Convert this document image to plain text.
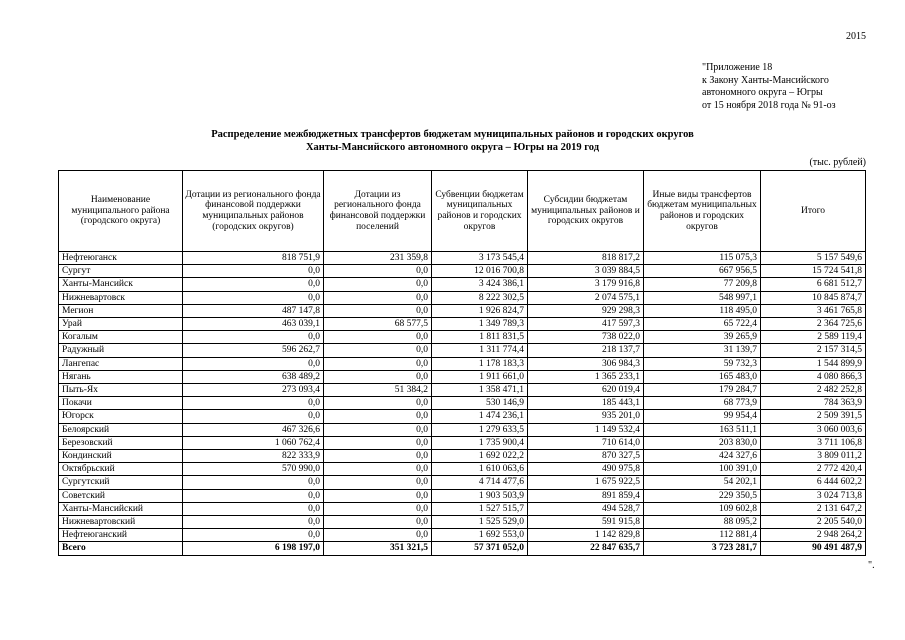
2015
"Приложение 18
к Закону Ханты-Мансийского
автономного округа – Югры
от 15 ноября 2018 года № 91-оз
Распределение межбюджетных трансфертов бюджетам муниципальных районов и городских округов
Ханты-Мансийского автономного округа – Югры на 2019 год
(тыс. рублей)
Наименование муниципального района (городского округа)	Дотации из регионального фонда финансовой поддержки муниципальных районов (городских округов)	Дотации из регионального фонда финансовой поддержки поселений	Субвенции бюджетам муниципальных районов и городских округов	Субсидии бюджетам муниципальных районов и городских округов	Иные виды трансфертов бюджетам муниципальных районов и городских округов	Итого
Нефтеюганск	818 751,9	231 359,8	3 173 545,4	818 817,2	115 075,3	5 157 549,6
Сургут	0,0	0,0	12 016 700,8	3 039 884,5	667 956,5	15 724 541,8
Ханты-Мансийск	0,0	0,0	3 424 386,1	3 179 916,8	77 209,8	6 681 512,7
Нижневартовск	0,0	0,0	8 222 302,5	2 074 575,1	548 997,1	10 845 874,7
Мегион	487 147,8	0,0	1 926 824,7	929 298,3	118 495,0	3 461 765,8
Урай	463 039,1	68 577,5	1 349 789,3	417 597,3	65 722,4	2 364 725,6
Когалым	0,0	0,0	1 811 831,5	738 022,0	39 265,9	2 589 119,4
Радужный	596 262,7	0,0	1 311 774,4	218 137,7	31 139,7	2 157 314,5
Лангепас	0,0	0,0	1 178 183,3	306 984,3	59 732,3	1 544 899,9
Нягань	638 489,2	0,0	1 911 661,0	1 365 233,1	165 483,0	4 080 866,3
Пыть-Ях	273 093,4	51 384,2	1 358 471,1	620 019,4	179 284,7	2 482 252,8
Покачи	0,0	0,0	530 146,9	185 443,1	68 773,9	784 363,9
Югорск	0,0	0,0	1 474 236,1	935 201,0	99 954,4	2 509 391,5
Белоярский	467 326,6	0,0	1 279 633,5	1 149 532,4	163 511,1	3 060 003,6
Березовский	1 060 762,4	0,0	1 735 900,4	710 614,0	203 830,0	3 711 106,8
Кондинский	822 333,9	0,0	1 692 022,2	870 327,5	424 327,6	3 809 011,2
Октябрьский	570 990,0	0,0	1 610 063,6	490 975,8	100 391,0	2 772 420,4
Сургутский	0,0	0,0	4 714 477,6	1 675 922,5	54 202,1	6 444 602,2
Советский	0,0	0,0	1 903 503,9	891 859,4	229 350,5	3 024 713,8
Ханты-Мансийский	0,0	0,0	1 527 515,7	494 528,7	109 602,8	2 131 647,2
Нижневартовский	0,0	0,0	1 525 529,0	591 915,8	88 095,2	2 205 540,0
Нефтеюганский	0,0	0,0	1 692 553,0	1 142 829,8	112 881,4	2 948 264,2
Всего	6 198 197,0	351 321,5	57 371 052,0	22 847 635,7	3 723 281,7	90 491 487,9
".
